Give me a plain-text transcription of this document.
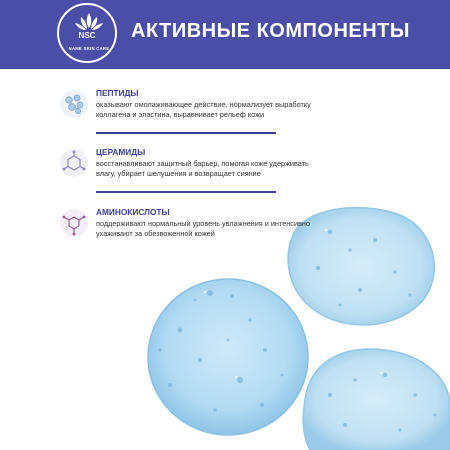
NSC
NAME SKIN CARE
АКТИВНЫЕ КОМПОНЕНТЫ
ПЕПТИДЫ
оказывают омолаживающее действие, нормализует выработку коллагена и эластина, выравнивает рельеф кожи
ЦЕРАМИДЫ
восстанавливают защитный барьер, помогая коже удерживать влагу, убирает шелушения и возвращает сияние
АМИНОКИСЛОТЫ
поддерживают нормальный уровень увлажнения и интенсивно ухаживают за обезвоженной кожей
